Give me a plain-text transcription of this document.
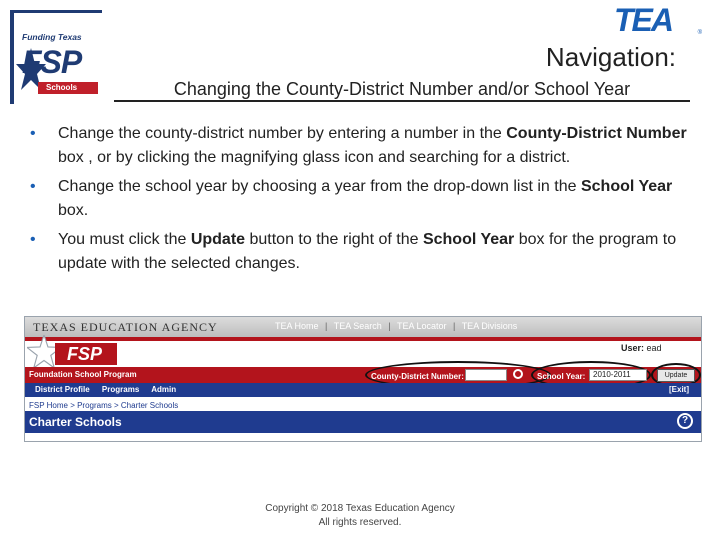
Funding Texas
FSP
Schools
TEA	®
Navigation:
Changing the County-District Number and/or School Year
• Change the county-district number by entering a number in the County-District Number box , or by clicking the magnifying glass icon and searching for a district.
• Change the school year by choosing a year from the drop-down list in the School Year box.
• You must click the Update button to the right of the School Year box for the program to update with the selected changes.
TEXAS EDUCATION AGENCY	TEA Home | TEA Search | TEA Locator | TEA Divisions
FSP	User: ead
Foundation School Program	County-District Number:	School Year: 2010-2011	Update
District Profile Programs Admin	[Exit]
FSP Home > Programs > Charter Schools
Charter Schools	?
Copyright © 2018 Texas Education Agency
All rights reserved.
